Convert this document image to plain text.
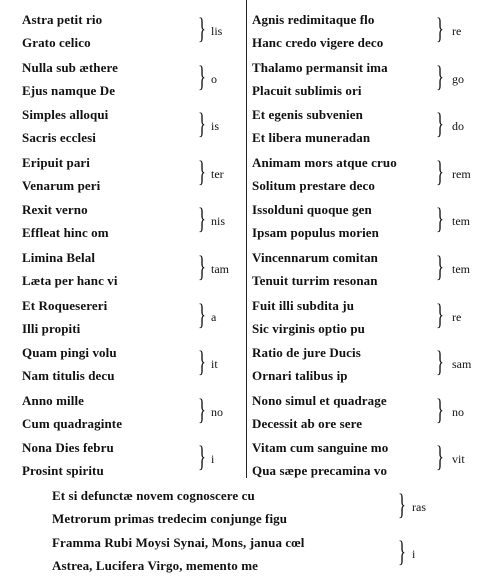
Astra petit rio
Grato celico	} lis
Nulla sub æthere
Ejus namque De	} o
Simples alloqui
Sacris ecclesi	} is
Eripuit pari
Venarum peri	} ter
Rexit verno
Effleat hinc om	} nis
Limina Belal
Læta per hanc vi	} tam
Et Roquesereri
Illi propiti	} a
Quam pingi volu
Nam titulis decu	} it
Anno mille
Cum quadraginte	} no
Nona Dies febru
Prosint spiritu	} i
Agnis redimitaque flo
Hanc credo vigere deco } re
Thalamo permansit ima
Placuit sublimis ori } go
Et egenis subvenien
Et libera muneradan } do
Animam mors atque cruo
Solitum prestare deco } rem
Issolduni quoque gen
Ipsam populus morien } tem
Vincennarum comitan
Tenuit turrim resonan } tem
Fuit illi subdita ju
Sic virginis optio pu } re
Ratio de jure Ducis
Ornari talibus ip	} sam
Nono simul et quadrage
Decessit ab ore sere } no
Vitam cum sanguine mo
Qua sæpe precamina vo } vit
Et si defunctæ novem cognoscere cu
Metrorum primas tredecim conjunge figu	} ras
Framma Rubi Moysi Synai, Mons, janua cœl
Astrea, Lucifera Virgo, memento me	} i
